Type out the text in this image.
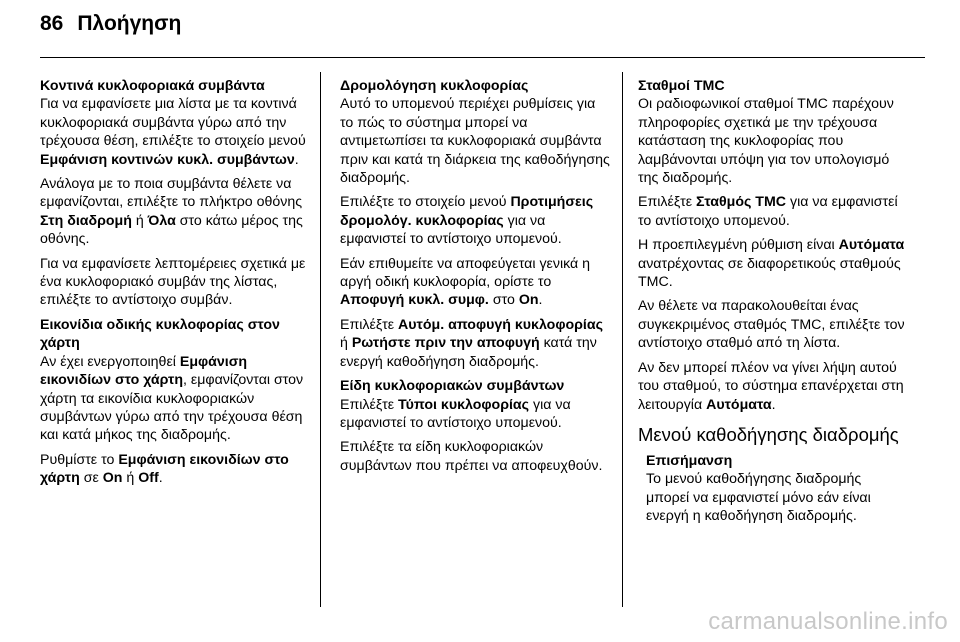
86 Πλοήγηση
Κοντινά κυκλοφοριακά συμβάντα

Για να εμφανίσετε μια λίστα με τα κοντινά κυκλοφοριακά συμβάντα γύρω από την τρέχουσα θέση, επιλέξτε το στοιχείο μενού Εμφάνιση κοντινών κυκλ. συμβάντων.

Ανάλογα με το ποια συμβάντα θέλετε να εμφανίζονται, επιλέξτε το πλήκτρο οθόνης Στη διαδρομή ή Όλα στο κάτω μέρος της οθόνης.

Για να εμφανίσετε λεπτομέρειες σχετικά με ένα κυκλοφοριακό συμβάν της λίστας, επιλέξτε το αντίστοιχο συμβάν.

Εικονίδια οδικής κυκλοφορίας στον χάρτη

Αν έχει ενεργοποιηθεί Εμφάνιση εικονιδίων στο χάρτη, εμφανίζονται στον χάρτη τα εικονίδια κυκλοφοριακών συμβάντων γύρω από την τρέχουσα θέση και κατά μήκος της διαδρομής.

Ρυθμίστε το Εμφάνιση εικονιδίων στο χάρτη σε On ή Off.

Δρομολόγηση κυκλοφορίας

Αυτό το υπομενού περιέχει ρυθμίσεις για το πώς το σύστημα μπορεί να αντιμετωπίσει τα κυκλοφοριακά συμβάντα πριν και κατά τη διάρκεια της καθοδήγησης διαδρομής.

Επιλέξτε το στοιχείο μενού Προτιμήσεις δρομολόγ. κυκλοφορίας για να εμφανιστεί το αντίστοιχο υπομενού.

Εάν επιθυμείτε να αποφεύγεται γενικά η αργή οδική κυκλοφορία, ορίστε το Αποφυγή κυκλ. συμφ. στο On.

Επιλέξτε Αυτόμ. αποφυγή κυκλοφορίας ή Ρωτήστε πριν την αποφυγή κατά την ενεργή καθοδήγηση διαδρομής.

Είδη κυκλοφοριακών συμβάντων

Επιλέξτε Τύποι κυκλοφορίας για να εμφανιστεί το αντίστοιχο υπομενού.

Επιλέξτε τα είδη κυκλοφοριακών συμβάντων που πρέπει να αποφευχθούν.

Σταθμοί TMC

Οι ραδιοφωνικοί σταθμοί TMC παρέχουν πληροφορίες σχετικά με την τρέχουσα κατάσταση της κυκλοφορίας που λαμβάνονται υπόψη για τον υπολογισμό της διαδρομής.

Επιλέξτε Σταθμός TMC για να εμφανιστεί το αντίστοιχο υπομενού.

Η προεπιλεγμένη ρύθμιση είναι Αυτόματα ανατρέχοντας σε διαφορετικούς σταθμούς TMC.

Αν θέλετε να παρακολουθείται ένας συγκεκριμένος σταθμός TMC, επιλέξτε τον αντίστοιχο σταθμό από τη λίστα.

Αν δεν μπορεί πλέον να γίνει λήψη αυτού του σταθμού, το σύστημα επανέρχεται στη λειτουργία Αυτόματα.

Μενού καθοδήγησης διαδρομής
Επισήμανση

Το μενού καθοδήγησης διαδρομής μπορεί να εμφανιστεί μόνο εάν είναι ενεργή η καθοδήγηση διαδρομής.

carmanualsonline.info
